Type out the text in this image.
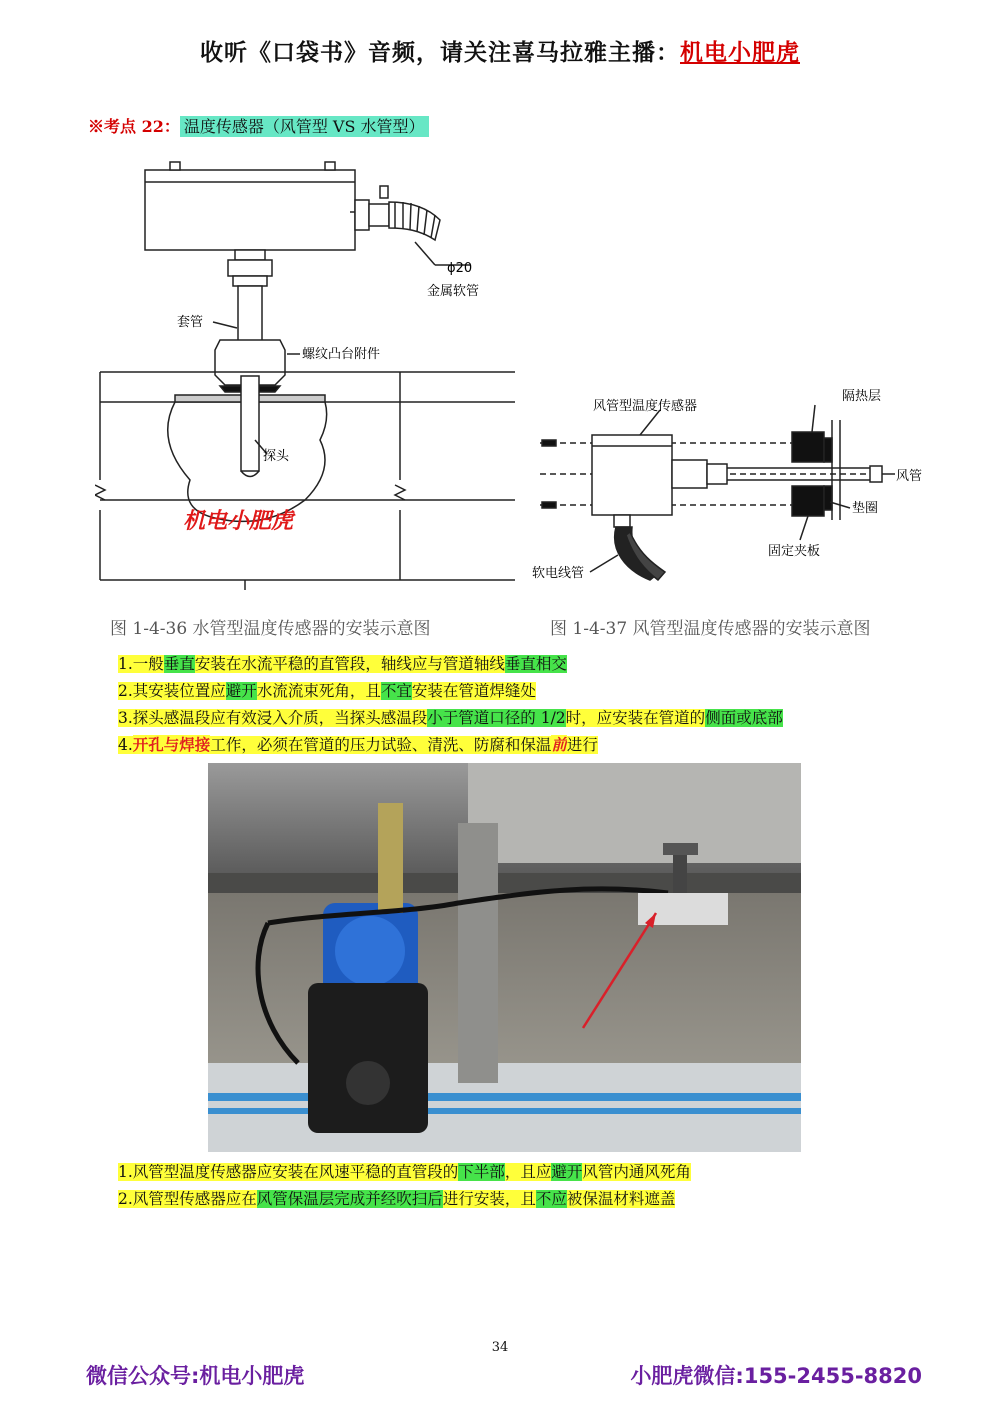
收听《口袋书》音频，请关注喜马拉雅主播：机电小肥虎
※考点 22： 温度传感器（风管型 VS 水管型）
ϕ20
金属软管
套管
螺纹凸台附件
探头
机电小肥虎
图 1-4-36 水管型温度传感器的安装示意图
风管型温度传感器
隔热层
风管
垫圈
固定夹板
软电线管
图 1-4-37 风管型温度传感器的安装示意图
1.一般垂直安装在水流平稳的直管段，轴线应与管道轴线垂直相交
2.其安装位置应避开水流流束死角，且不宜安装在管道焊缝处
3.探头感温段应有效浸入介质，当探头感温段小于管道口径的 1/2时，应安装在管道的侧面或底部
4.开孔与焊接工作，必须在管道的压力试验、清洗、防腐和保温前进行
1.风管型温度传感器应安装在风速平稳的直管段的下半部，且应避开风管内通风死角
2.风管型传感器应在风管保温层完成并经吹扫后进行安装，且不应被保温材料遮盖
34
微信公众号:机电小肥虎	小肥虎微信:155-2455-8820
